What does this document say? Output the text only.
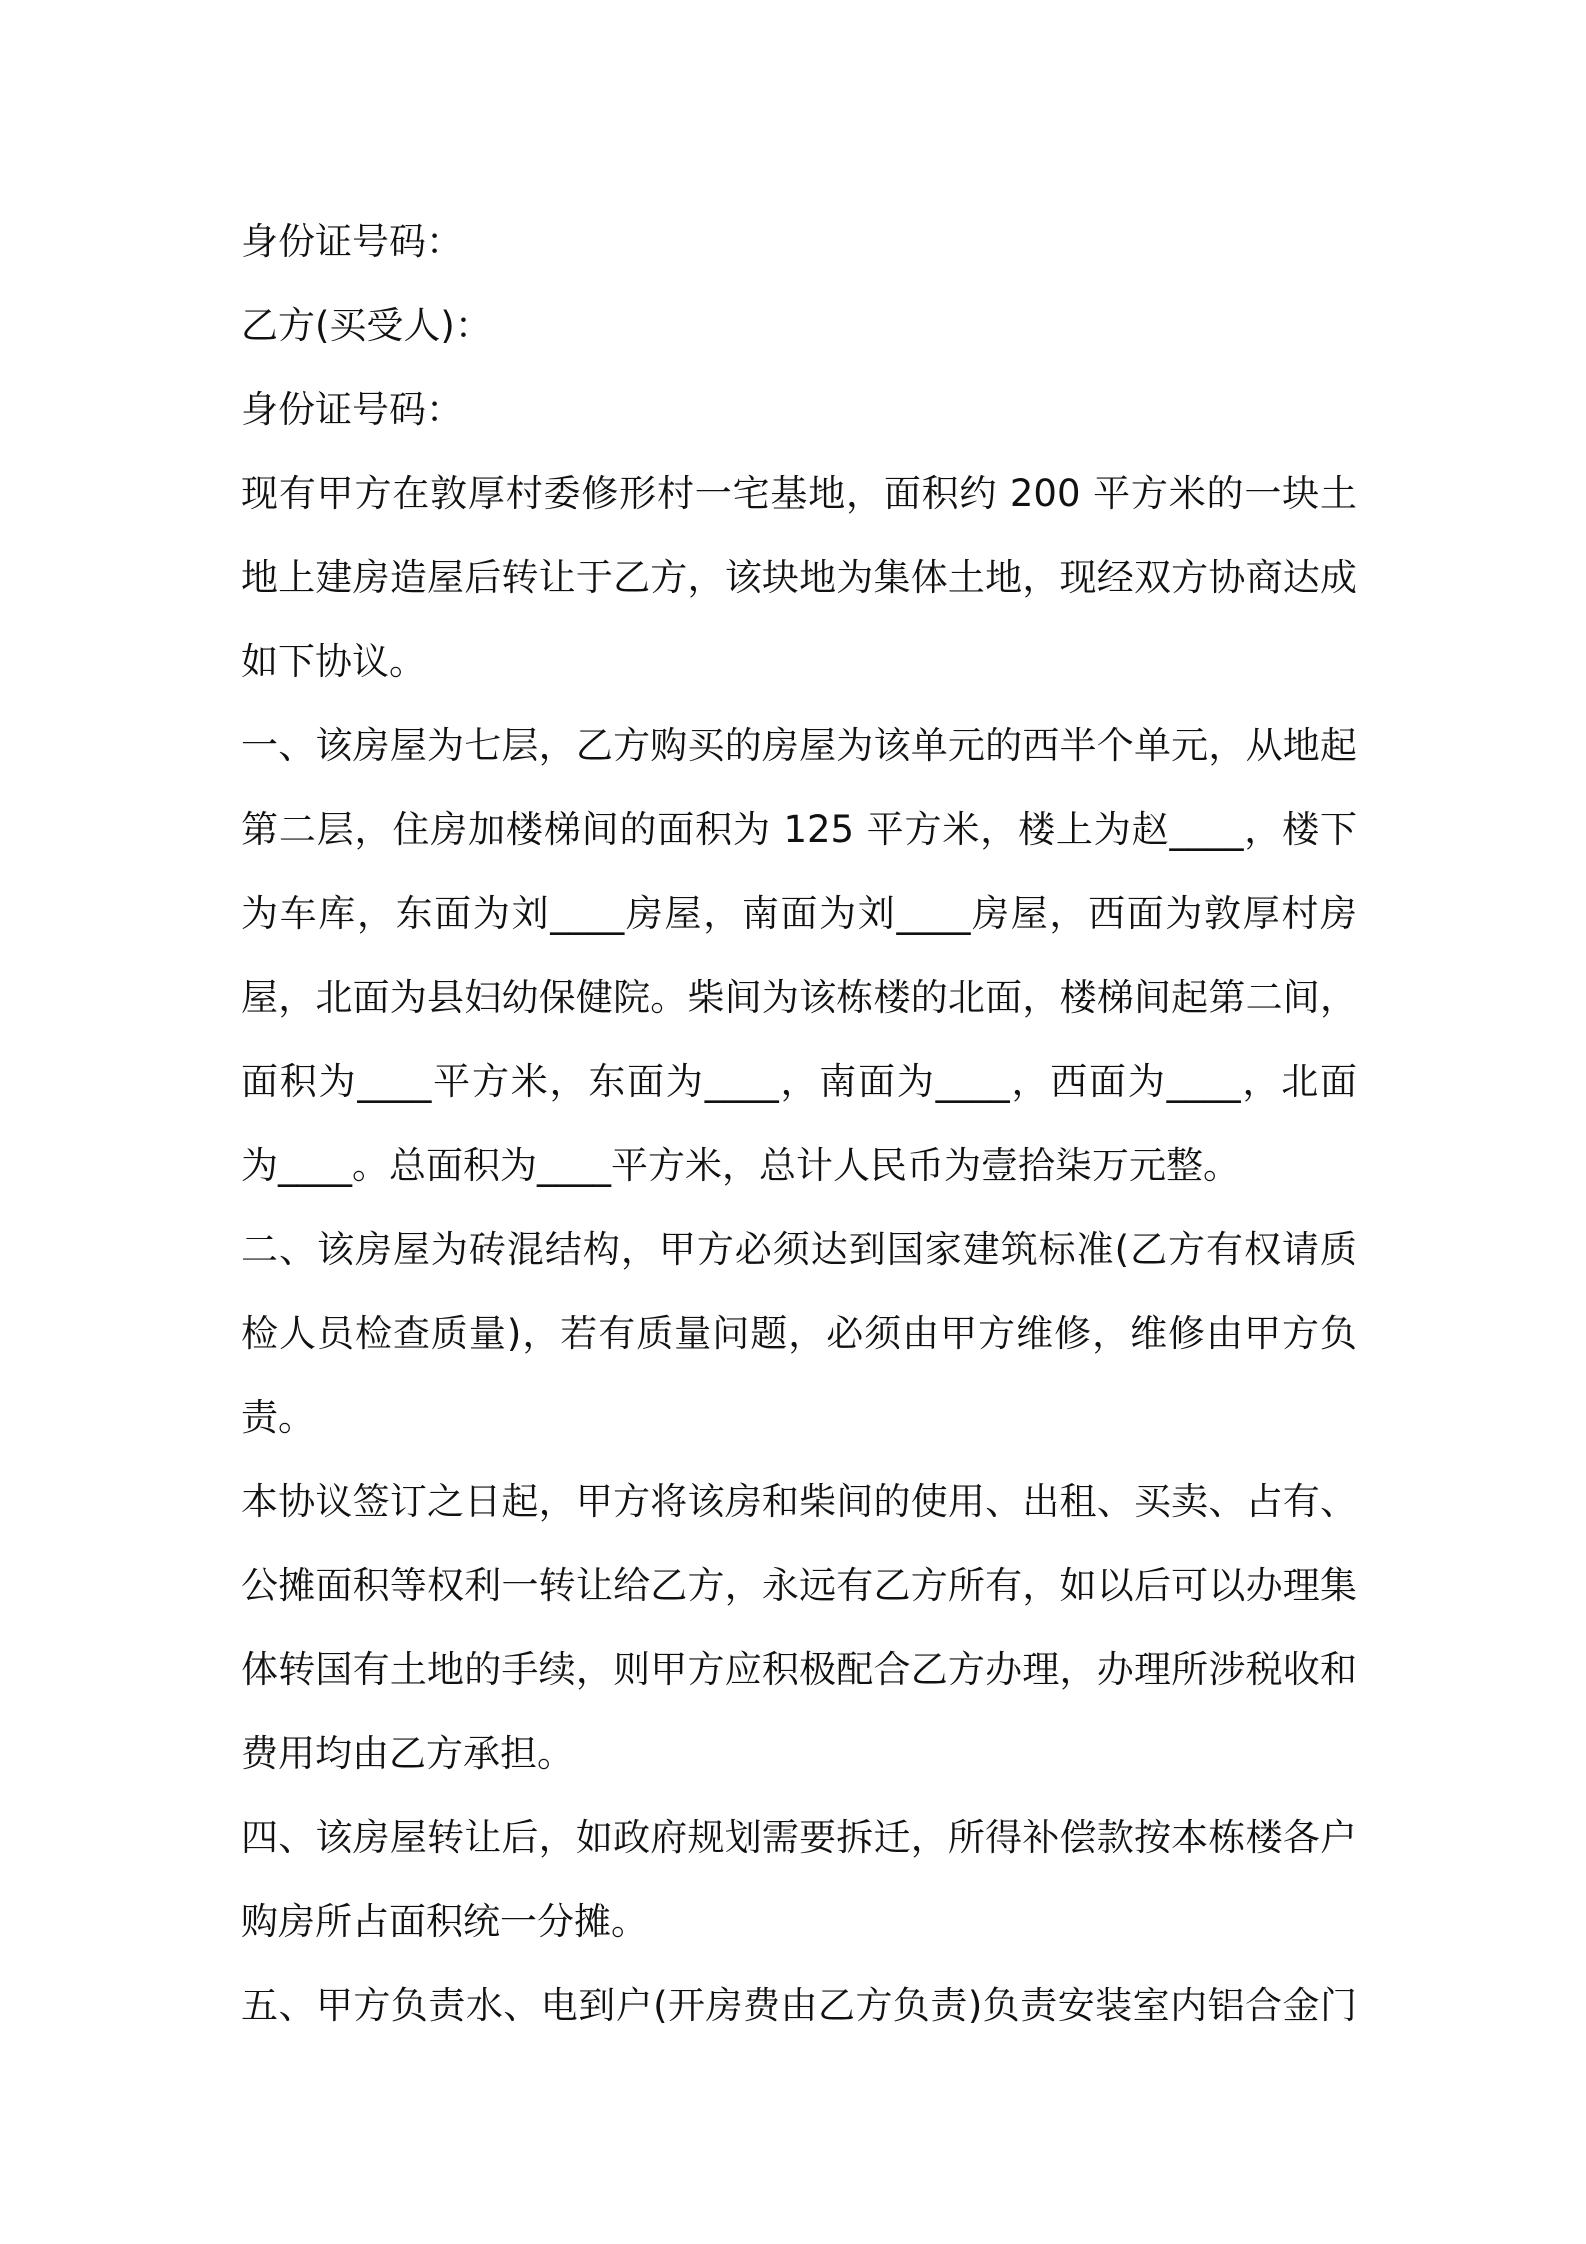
身份证号码：
乙方(买受人)：
身份证号码：
现有甲方在敦厚村委修形村一宅基地，面积约 200 平方米的一块土
地上建房造屋后转让于乙方，该块地为集体土地，现经双方协商达成
如下协议。
一、该房屋为七层，乙方购买的房屋为该单元的西半个单元，从地起
第二层，住房加楼梯间的面积为 125 平方米，楼上为赵____，楼下
为车库，东面为刘____房屋，南面为刘____房屋，西面为敦厚村房
屋，北面为县妇幼保健院。柴间为该栋楼的北面，楼梯间起第二间，
面积为____平方米，东面为____，南面为____，西面为____，北面
为____。总面积为____平方米，总计人民币为壹拾柒万元整。
二、该房屋为砖混结构，甲方必须达到国家建筑标准(乙方有权请质
检人员检查质量)，若有质量问题，必须由甲方维修，维修由甲方负
责。
本协议签订之日起，甲方将该房和柴间的使用、出租、买卖、占有、
公摊面积等权利一转让给乙方，永远有乙方所有，如以后可以办理集
体转国有土地的手续，则甲方应积极配合乙方办理，办理所涉税收和
费用均由乙方承担。
四、该房屋转让后，如政府规划需要拆迁，所得补偿款按本栋楼各户
购房所占面积统一分摊。
五、甲方负责水、电到户(开房费由乙方负责)负责安装室内铝合金门
